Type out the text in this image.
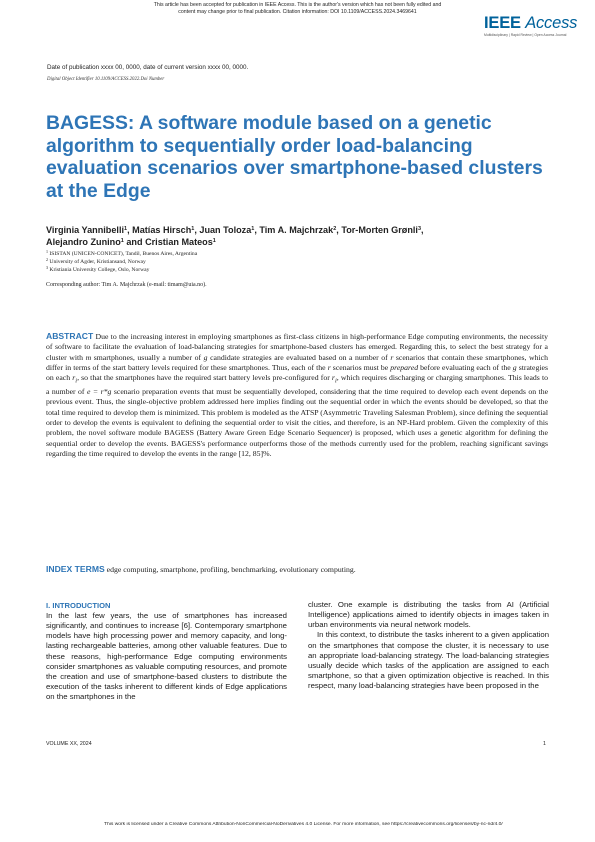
This article has been accepted for publication in IEEE Access. This is the author's version which has not been fully edited and
content may change prior to final publication. Citation information: DOI 10.1109/ACCESS.2024.3469641
IEEE Access
Multidisciplinary | Rapid Review | Open Access Journal
Date of publication xxxx 00, 0000, date of current version xxxx 00, 0000.
Digital Object Identifier 10.1109/ACCESS.2022.Doi Number
BAGESS: A software module based on a genetic algorithm to sequentially order load-balancing evaluation scenarios over smartphone-based clusters at the Edge
Virginia Yannibelli$^1$, Matías Hirsch$^1$, Juan Toloza$^1$, Tim A. Majchrzak$^2$, Tor-Morten Grønli$^3$,
Alejandro Zunino$^1$ and Cristian Mateos$^1$
$^1$ ISISTAN (UNICEN-CONICET), Tandil, Buenos Aires, Argentina
$^2$ University of Agder, Kristiansand, Norway
$^3$ Kristiania University College, Oslo, Norway
Corresponding author: Tim A. Majchrzak (e-mail: timam@uia.no).
ABSTRACT Due to the increasing interest in employing smartphones as first-class citizens in high-performance Edge computing environments, the necessity of software to facilitate the evaluation of load-balancing strategies for smartphone-based clusters has emerged. Regarding this, to select the best strategy for a cluster with m smartphones, usually a number of g candidate strategies are evaluated based on a number of r scenarios that contain these smartphones, which differ in terms of the start battery levels required for these smartphones. Thus, each of the r scenarios must be prepared before evaluating each of the g strategies on each $r_i$, so that the smartphones have the required start battery levels pre-configured for $r_i$, which requires discharging or charging smartphones. This leads to a number of e = r*g scenario preparation events that must be sequentially developed, considering that the time required to develop each event depends on the previous event. Thus, the single-objective problem addressed here implies finding out the sequential order in which the events should be developed, so that the total time required to develop them is minimized. This problem is modeled as the ATSP (Asymmetric Traveling Salesman Problem), since defining the sequential order to develop the events is equivalent to defining the sequential order to visit the cities, and therefore, is an NP-Hard problem. Given the complexity of this problem, the novel software module BAGESS (Battery Aware Green Edge Scenario Sequencer) is proposed, which uses a genetic algorithm for defining the sequential order to develop the events. BAGESS's performance outperforms those of the methods currently used for the problem, reaching significant savings regarding the time required to develop the events in the range [12, 85]%.
INDEX TERMS edge computing, smartphone, profiling, benchmarking, evolutionary computing.
I. INTRODUCTION

In the last few years, the use of smartphones has increased significantly, and continues to increase [6]. Contemporary smartphone models have high processing power and memory capacity, and long-lasting rechargeable batteries, among other valuable features. Due to these reasons, high-performance Edge computing environments consider smartphones as valuable computing resources, and promote the creation and use of smartphone-based clusters to distribute the execution of the tasks inherent to different kinds of Edge applications on the smartphones in the

cluster. One example is distributing the tasks from AI (Artificial Intelligence) applications aimed to identify objects in images taken in urban environments via neural network models.

In this context, to distribute the tasks inherent to a given application on the smartphones that compose the cluster, it is necessary to use an appropriate load-balancing strategy. The load-balancing strategies usually decide which tasks of the application are assigned to each smartphone, so that a given optimization objective is reached. In this respect, many load-balancing strategies have been proposed in the

VOLUME XX, 2024	1
This work is licensed under a Creative Commons Attribution-NonCommercial-NoDerivatives 4.0 License. For more information, see https://creativecommons.org/licenses/by-nc-nd/4.0/
